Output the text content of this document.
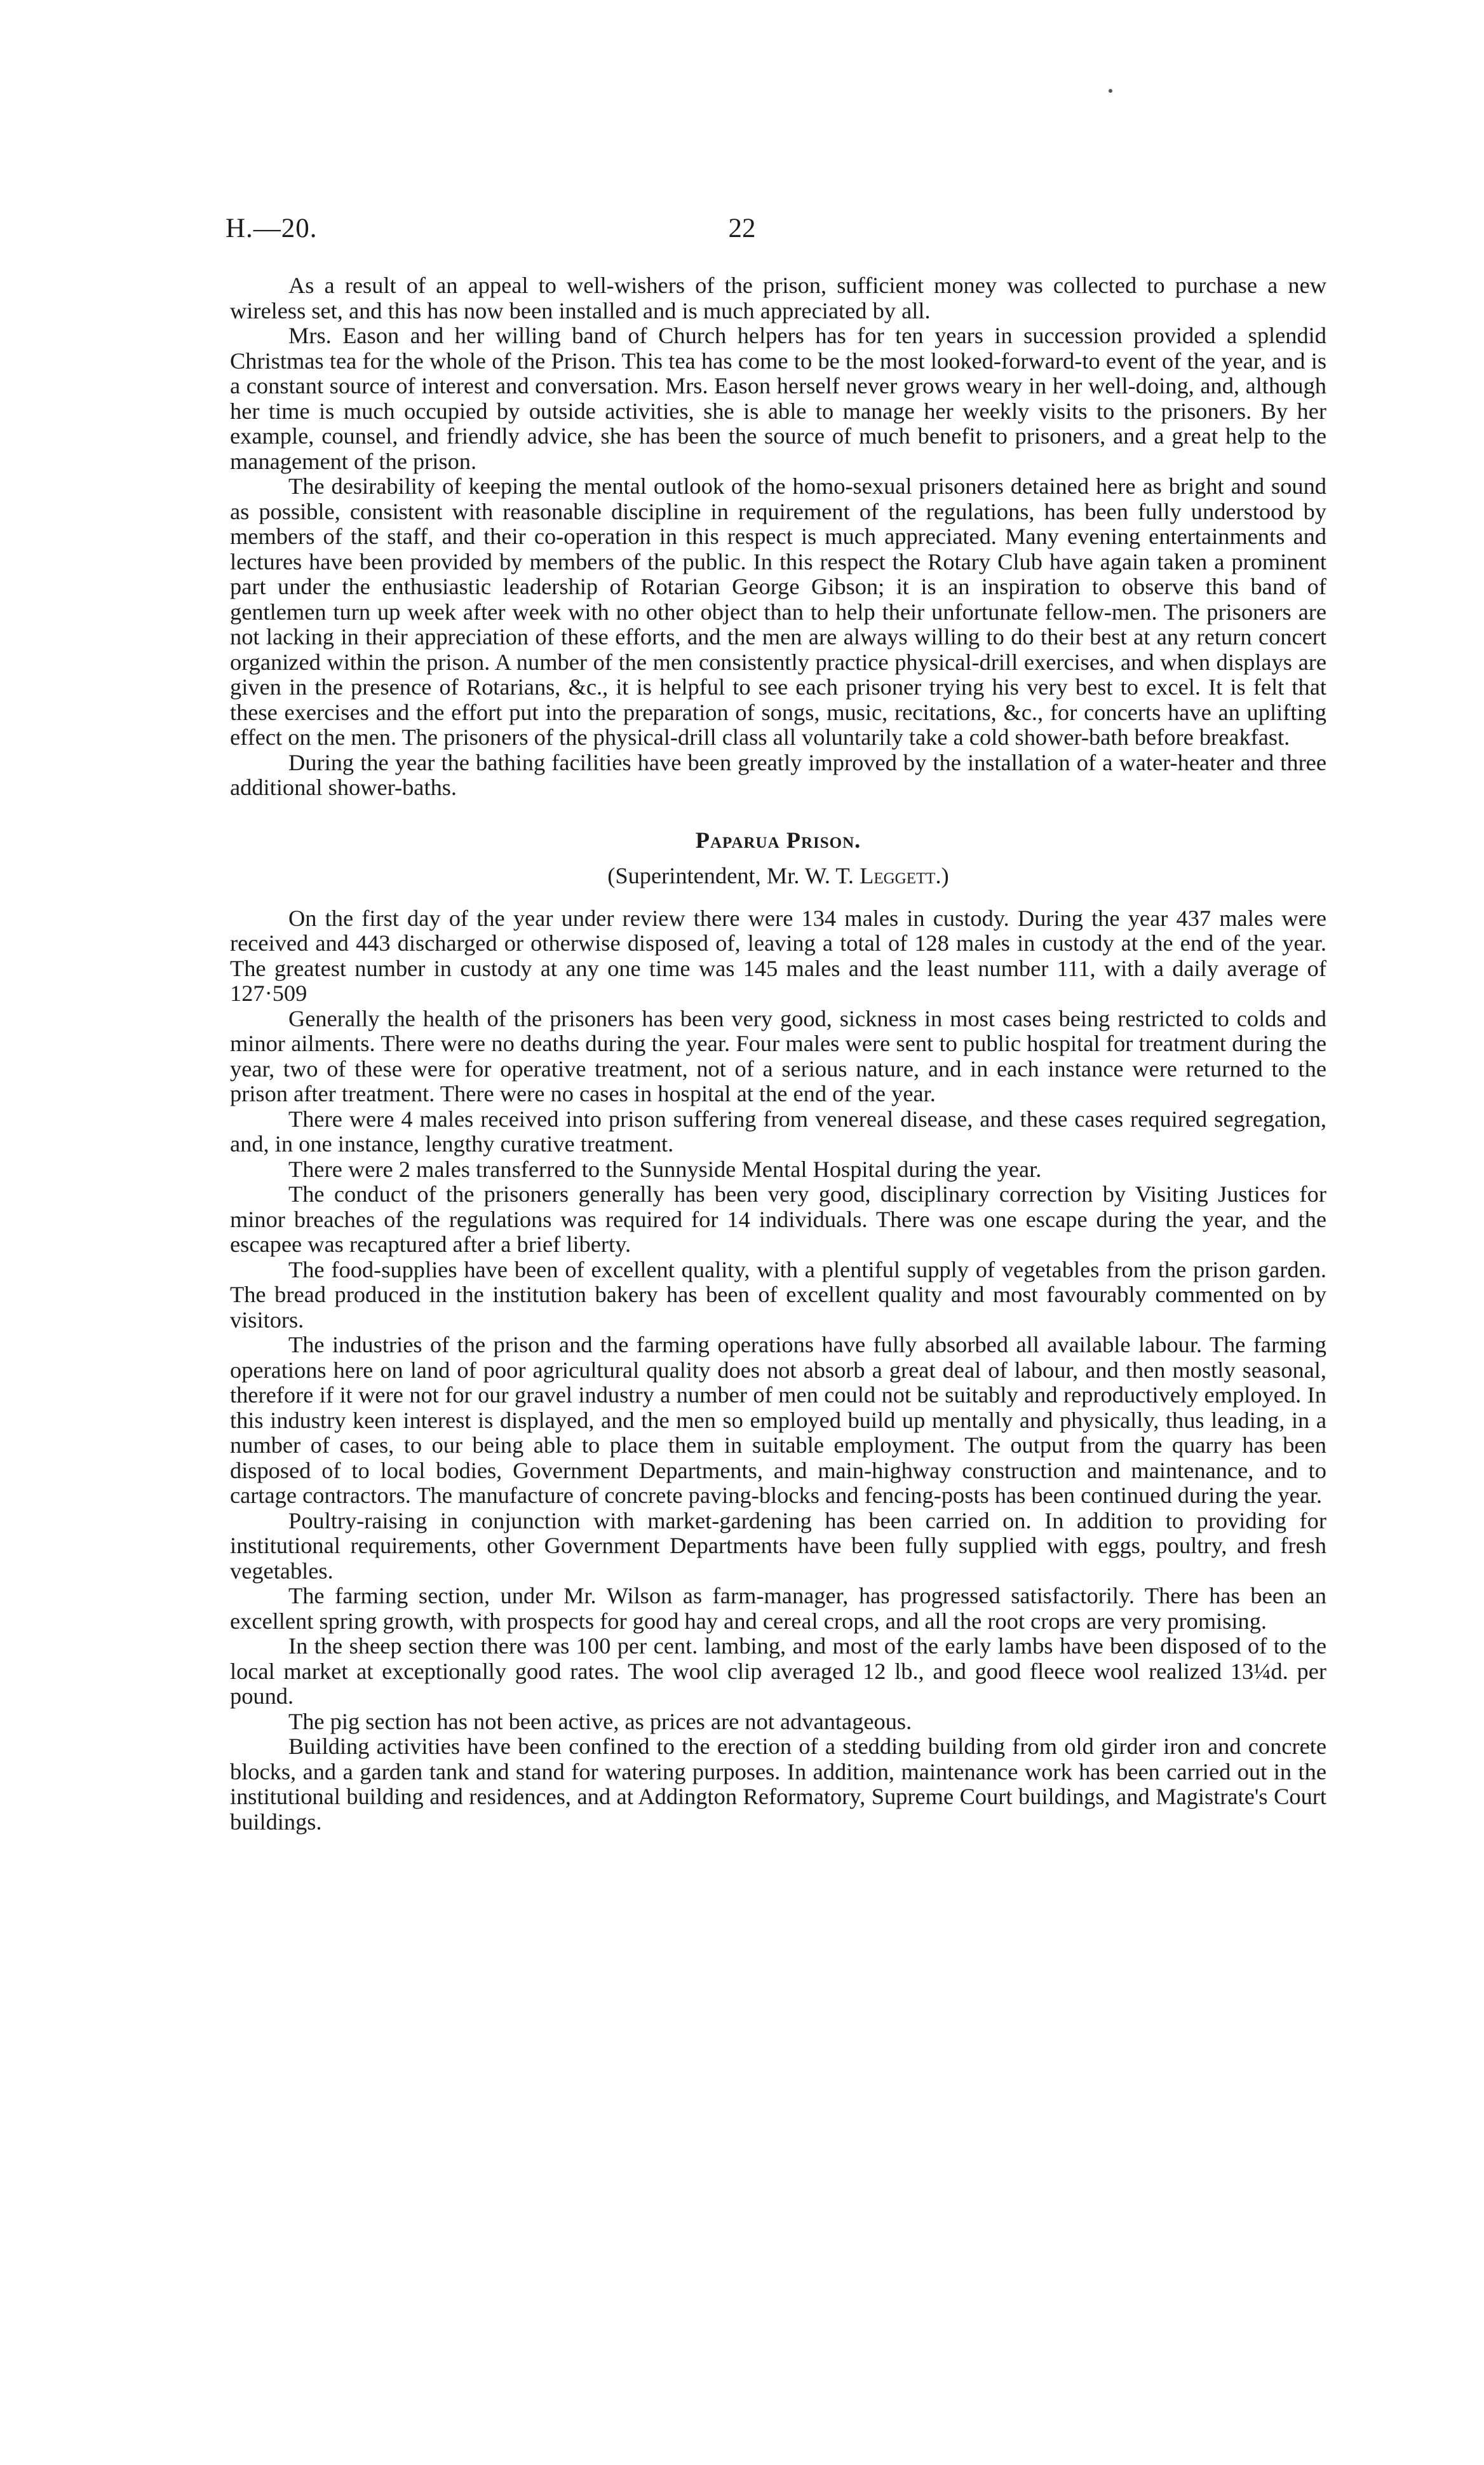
H.—20.	22

As a result of an appeal to well-wishers of the prison, sufficient money was collected to purchase a new wireless set, and this has now been installed and is much appreciated by all.

Mrs. Eason and her willing band of Church helpers has for ten years in succession provided a splendid Christmas tea for the whole of the Prison. This tea has come to be the most looked-forward-to event of the year, and is a constant source of interest and conversation. Mrs. Eason herself never grows weary in her well-doing, and, although her time is much occupied by outside activities, she is able to manage her weekly visits to the prisoners. By her example, counsel, and friendly advice, she has been the source of much benefit to prisoners, and a great help to the management of the prison.

The desirability of keeping the mental outlook of the homo-sexual prisoners detained here as bright and sound as possible, consistent with reasonable discipline in requirement of the regulations, has been fully understood by members of the staff, and their co-operation in this respect is much appreciated. Many evening entertainments and lectures have been provided by members of the public. In this respect the Rotary Club have again taken a prominent part under the enthusiastic leadership of Rotarian George Gibson; it is an inspiration to observe this band of gentlemen turn up week after week with no other object than to help their unfortunate fellow-men. The prisoners are not lacking in their appreciation of these efforts, and the men are always willing to do their best at any return concert organized within the prison. A number of the men consistently practice physical-drill exercises, and when displays are given in the presence of Rotarians, &c., it is helpful to see each prisoner trying his very best to excel. It is felt that these exercises and the effort put into the preparation of songs, music, recitations, &c., for concerts have an uplifting effect on the men. The prisoners of the physical-drill class all voluntarily take a cold shower-bath before breakfast.

During the year the bathing facilities have been greatly improved by the installation of a water-heater and three additional shower-baths.

Paparua Prison.

(Superintendent, Mr. W. T. Leggett.)

On the first day of the year under review there were 134 males in custody. During the year 437 males were received and 443 discharged or otherwise disposed of, leaving a total of 128 males in custody at the end of the year. The greatest number in custody at any one time was 145 males and the least number 111, with a daily average of 127·509

Generally the health of the prisoners has been very good, sickness in most cases being restricted to colds and minor ailments. There were no deaths during the year. Four males were sent to public hospital for treatment during the year, two of these were for operative treatment, not of a serious nature, and in each instance were returned to the prison after treatment. There were no cases in hospital at the end of the year.

There were 4 males received into prison suffering from venereal disease, and these cases required segregation, and, in one instance, lengthy curative treatment.

There were 2 males transferred to the Sunnyside Mental Hospital during the year.

The conduct of the prisoners generally has been very good, disciplinary correction by Visiting Justices for minor breaches of the regulations was required for 14 individuals. There was one escape during the year, and the escapee was recaptured after a brief liberty.

The food-supplies have been of excellent quality, with a plentiful supply of vegetables from the prison garden. The bread produced in the institution bakery has been of excellent quality and most favourably commented on by visitors.

The industries of the prison and the farming operations have fully absorbed all available labour. The farming operations here on land of poor agricultural quality does not absorb a great deal of labour, and then mostly seasonal, therefore if it were not for our gravel industry a number of men could not be suitably and reproductively employed. In this industry keen interest is displayed, and the men so employed build up mentally and physically, thus leading, in a number of cases, to our being able to place them in suitable employment. The output from the quarry has been disposed of to local bodies, Government Departments, and main-highway construction and maintenance, and to cartage contractors. The manufacture of concrete paving-blocks and fencing-posts has been continued during the year.

Poultry-raising in conjunction with market-gardening has been carried on. In addition to providing for institutional requirements, other Government Departments have been fully supplied with eggs, poultry, and fresh vegetables.

The farming section, under Mr. Wilson as farm-manager, has progressed satisfactorily. There has been an excellent spring growth, with prospects for good hay and cereal crops, and all the root crops are very promising.

In the sheep section there was 100 per cent. lambing, and most of the early lambs have been disposed of to the local market at exceptionally good rates. The wool clip averaged 12 lb., and good fleece wool realized 13¼d. per pound.

The pig section has not been active, as prices are not advantageous.

Building activities have been confined to the erection of a stedding building from old girder iron and concrete blocks, and a garden tank and stand for watering purposes. In addition, maintenance work has been carried out in the institutional building and residences, and at Addington Reformatory, Supreme Court buildings, and Magistrate's Court buildings.
